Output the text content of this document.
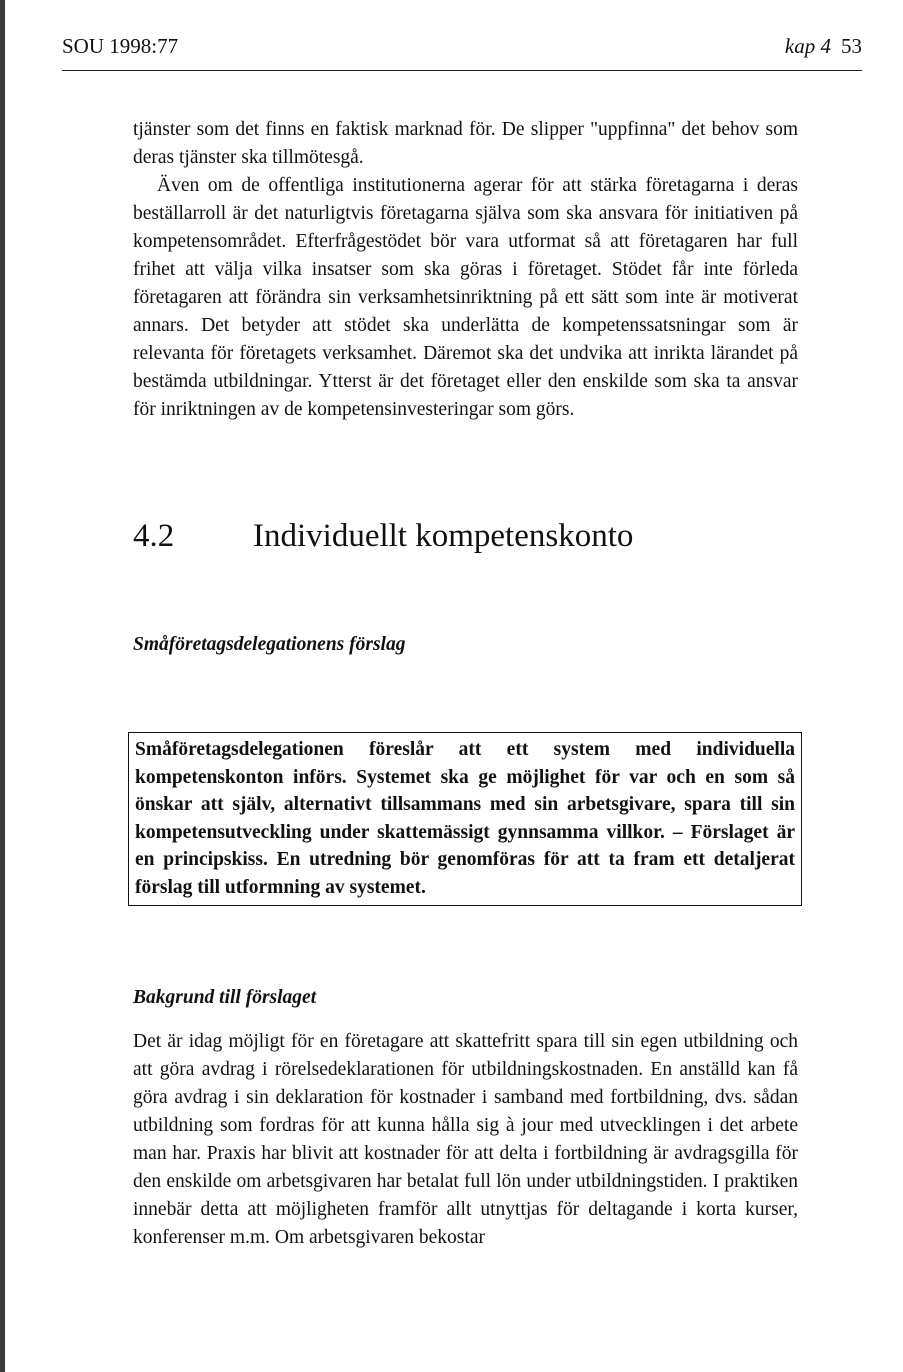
SOU 1998:77	kap 4 53

tjänster som det finns en faktisk marknad för. De slipper "uppfinna" det behov som deras tjänster ska tillmötesgå.

Även om de offentliga institutionerna agerar för att stärka företagarna i deras beställarroll är det naturligtvis företagarna själva som ska ansvara för initiativen på kompetensområdet. Efterfrågestödet bör vara utformat så att företagaren har full frihet att välja vilka insatser som ska göras i företaget. Stödet får inte förleda företagaren att förändra sin verksamhetsinriktning på ett sätt som inte är motiverat annars. Det betyder att stödet ska underlätta de kompetenssatsningar som är relevanta för företagets verksamhet. Däremot ska det undvika att inrikta lärandet på bestämda utbildningar. Ytterst är det företaget eller den enskilde som ska ta ansvar för inriktningen av de kompetensinvesteringar som görs.

4.2 Individuellt kompetenskonto

Småföretagsdelegationens förslag

Småföretagsdelegationen föreslår att ett system med individuella kompetenskonton införs. Systemet ska ge möjlighet för var och en som så önskar att själv, alternativt tillsammans med sin arbetsgivare, spara till sin kompetensutveckling under skattemässigt gynnsamma villkor. – Förslaget är en principskiss. En utredning bör genomföras för att ta fram ett detaljerat förslag till utformning av systemet.

Bakgrund till förslaget

Det är idag möjligt för en företagare att skattefritt spara till sin egen utbildning och att göra avdrag i rörelsedeklarationen för utbildningskostnaden. En anställd kan få göra avdrag i sin deklaration för kostnader i samband med fortbildning, dvs. sådan utbildning som fordras för att kunna hålla sig à jour med utvecklingen i det arbete man har. Praxis har blivit att kostnader för att delta i fortbildning är avdragsgilla för den enskilde om arbetsgivaren har betalat full lön under utbildningstiden. I praktiken innebär detta att möjligheten framför allt utnyttjas för deltagande i korta kurser, konferenser m.m. Om arbetsgivaren bekostar
